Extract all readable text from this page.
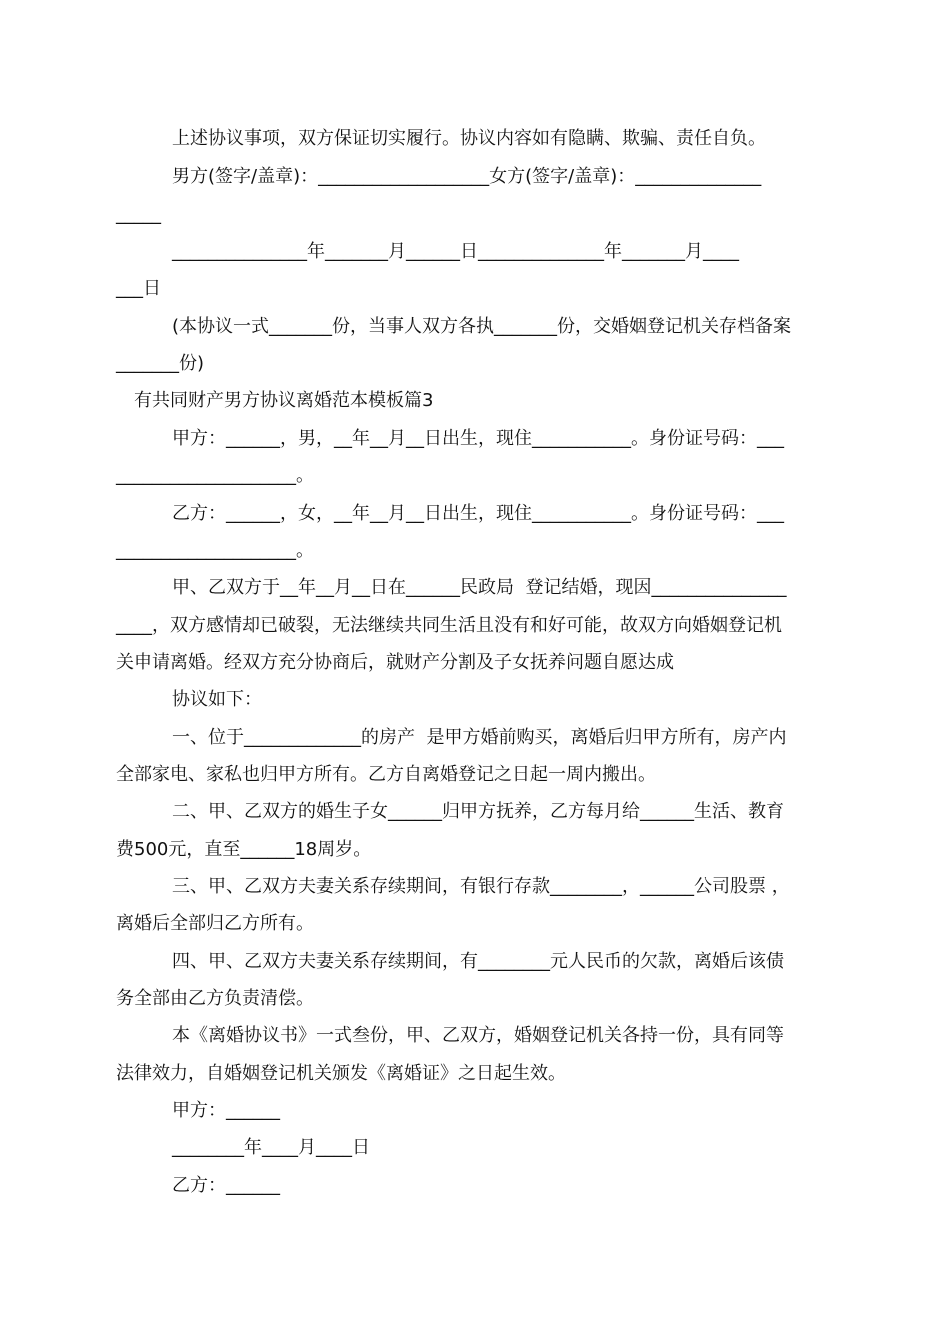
上述协议事项，双方保证切实履行。协议内容如有隐瞒、欺骗、责任自负。
男方(签字/盖章)：___________________女方(签字/盖章)：______________
_____
_______________年_______月______日______________年_______月____
___日
(本协议一式_______份，当事人双方各执_______份，交婚姻登记机关存档备案
_______份)
有共同财产男方协议离婚范本模板篇3
甲方：______，男，__年__月__日出生，现住___________。身份证号码：___
____________________。
乙方：______，女，__年__月__日出生，现住___________。身份证号码：___
____________________。
甲、乙双方于__年__月__日在______民政局  登记结婚，现因_______________
____，双方感情却已破裂，无法继续共同生活且没有和好可能，故双方向婚姻登记机
关申请离婚。经双方充分协商后，就财产分割及子女抚养问题自愿达成
协议如下：
一、位于_____________的房产  是甲方婚前购买，离婚后归甲方所有，房产内
全部家电、家私也归甲方所有。乙方自离婚登记之日起一周内搬出。
二、甲、乙双方的婚生子女______归甲方抚养，乙方每月给______生活、教育
费500元，直至______18周岁。
三、甲、乙双方夫妻关系存续期间，有银行存款________，______公司股票 ，
离婚后全部归乙方所有。
四、甲、乙双方夫妻关系存续期间，有________元人民币的欠款，离婚后该债
务全部由乙方负责清偿。
本《离婚协议书》一式叁份，甲、乙双方，婚姻登记机关各持一份，具有同等
法律效力，自婚姻登记机关颁发《离婚证》之日起生效。
甲方：______
________年____月____日
乙方：______
